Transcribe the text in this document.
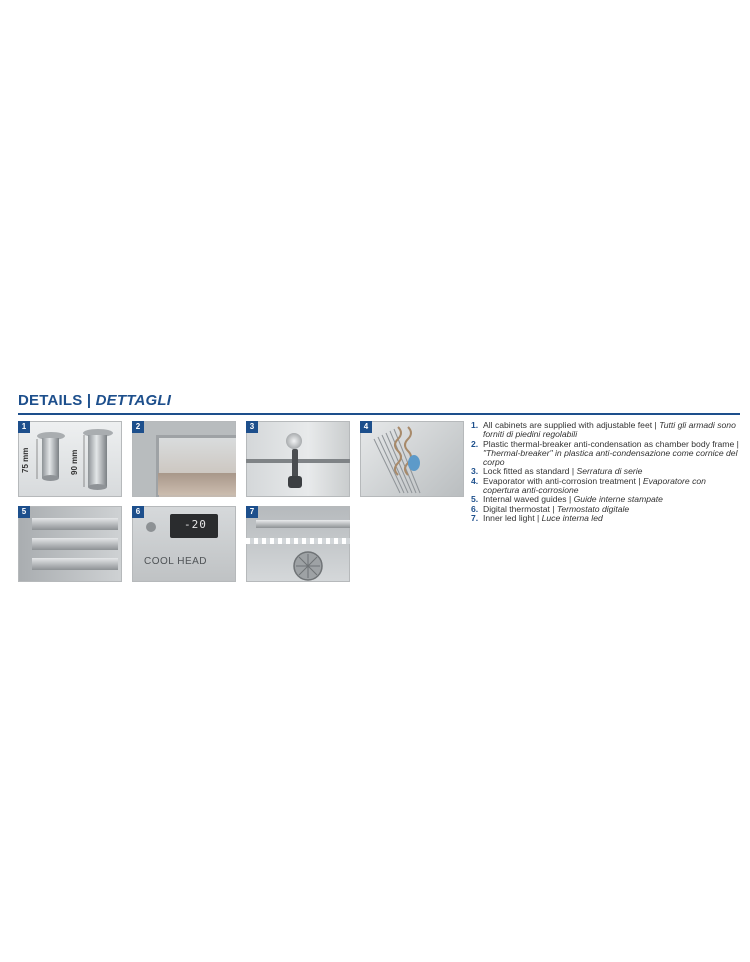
DETAILS | DETTAGLI
1
75 mm	90 mm
2	3	4
5	6
-20
COOL HEAD
7
1. All cabinets are supplied with adjustable feet | Tutti gli armadi sono forniti di piedini regolabili
2. Plastic thermal-breaker anti-condensation as chamber body frame | "Thermal-breaker" in plastica anti-condensazione come cornice del corpo
3. Lock fitted as standard | Serratura di serie
4. Evaporator with anti-corrosion treatment | Evaporatore con copertura anti-corrosione
5. Internal waved guides | Guide interne stampate
6. Digital thermostat | Termostato digitale
7. Inner led light | Luce interna led
